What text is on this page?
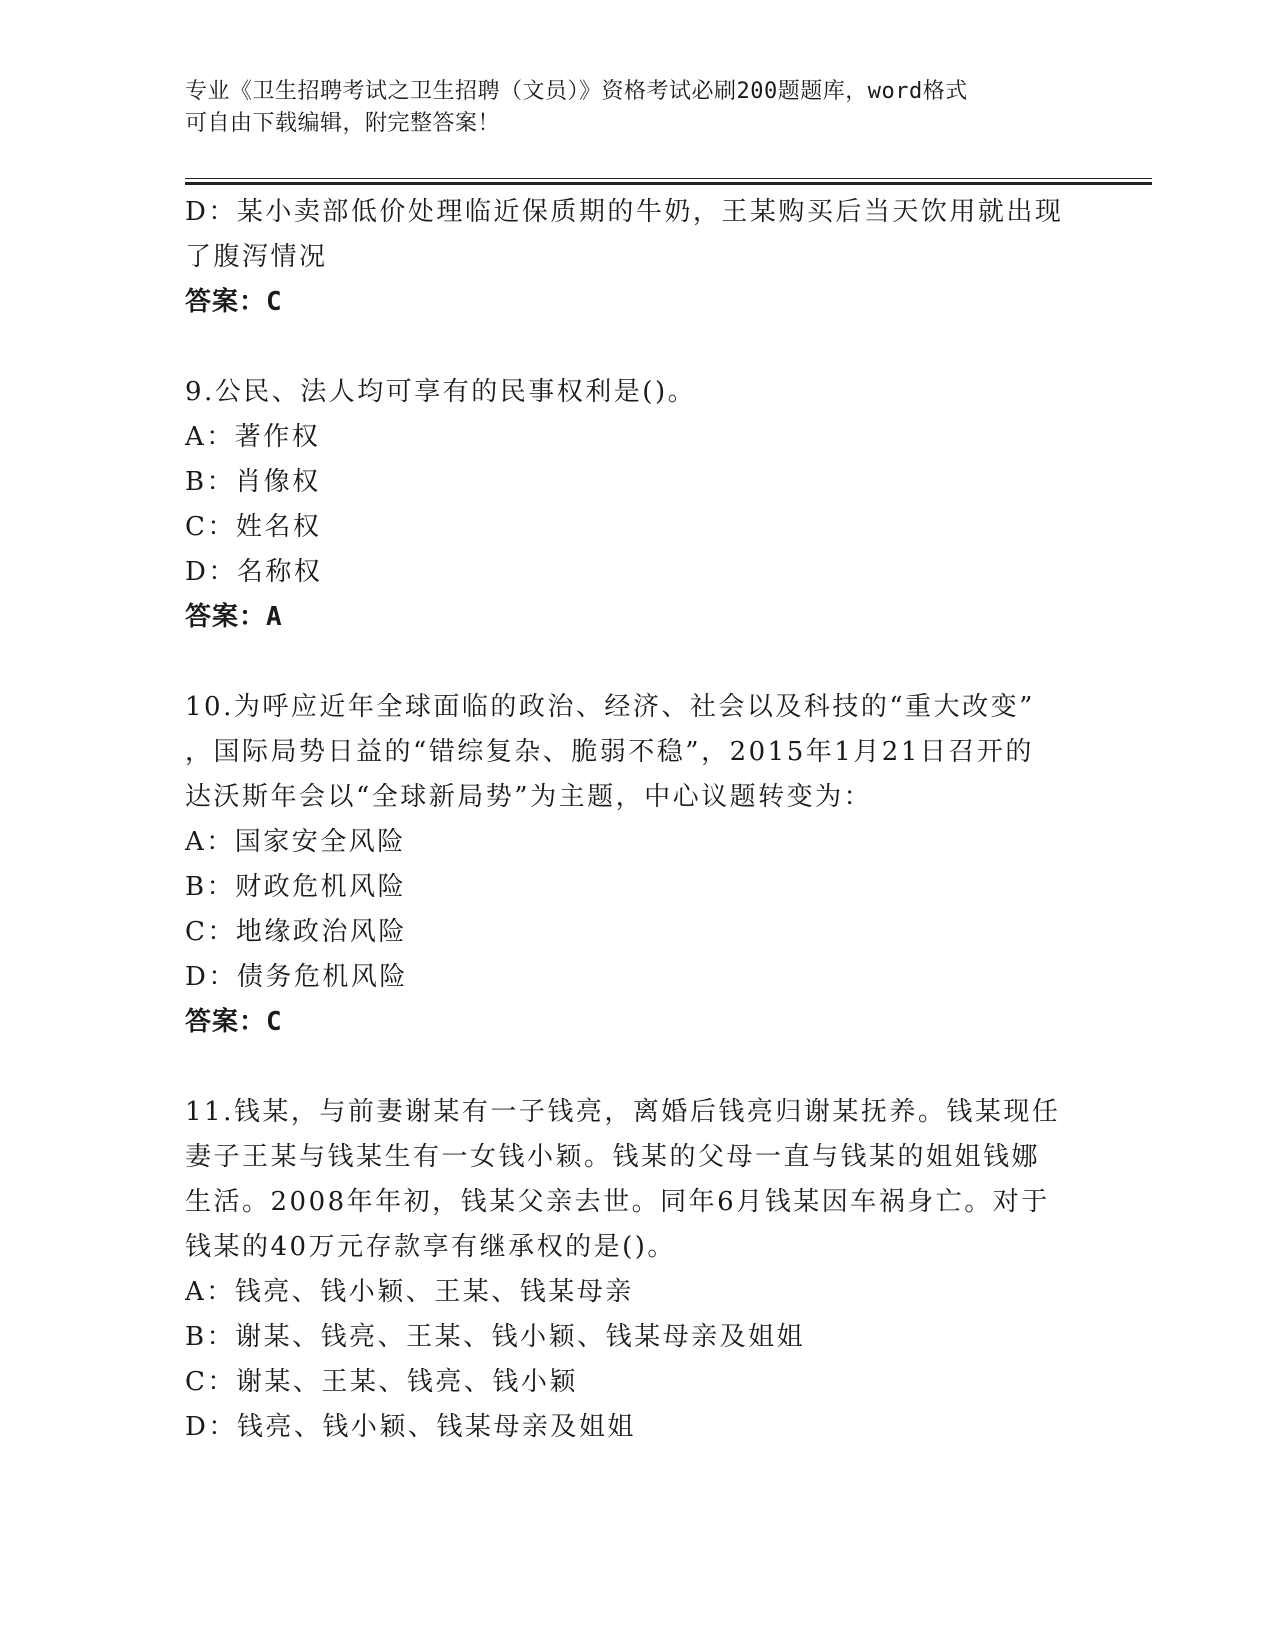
专业《卫生招聘考试之卫生招聘（文员）》资格考试必刷200题题库，word格式
可自由下载编辑，附完整答案！
D：某小卖部低价处理临近保质期的牛奶，王某购买后当天饮用就出现
了腹泻情况
答案：C
9.公民、法人均可享有的民事权利是()。
A：著作权
B：肖像权
C：姓名权
D：名称权
答案：A
10.为呼应近年全球面临的政治、经济、社会以及科技的“重大改变”
，国际局势日益的“错综复杂、脆弱不稳”，2015年1月21日召开的
达沃斯年会以“全球新局势”为主题，中心议题转变为：
A：国家安全风险
B：财政危机风险
C：地缘政治风险
D：债务危机风险
答案：C
11.钱某，与前妻谢某有一子钱亮，离婚后钱亮归谢某抚养。钱某现任
妻子王某与钱某生有一女钱小颖。钱某的父母一直与钱某的姐姐钱娜
生活。2008年年初，钱某父亲去世。同年6月钱某因车祸身亡。对于
钱某的40万元存款享有继承权的是()。
A：钱亮、钱小颖、王某、钱某母亲
B：谢某、钱亮、王某、钱小颖、钱某母亲及姐姐
C：谢某、王某、钱亮、钱小颖
D：钱亮、钱小颖、钱某母亲及姐姐
